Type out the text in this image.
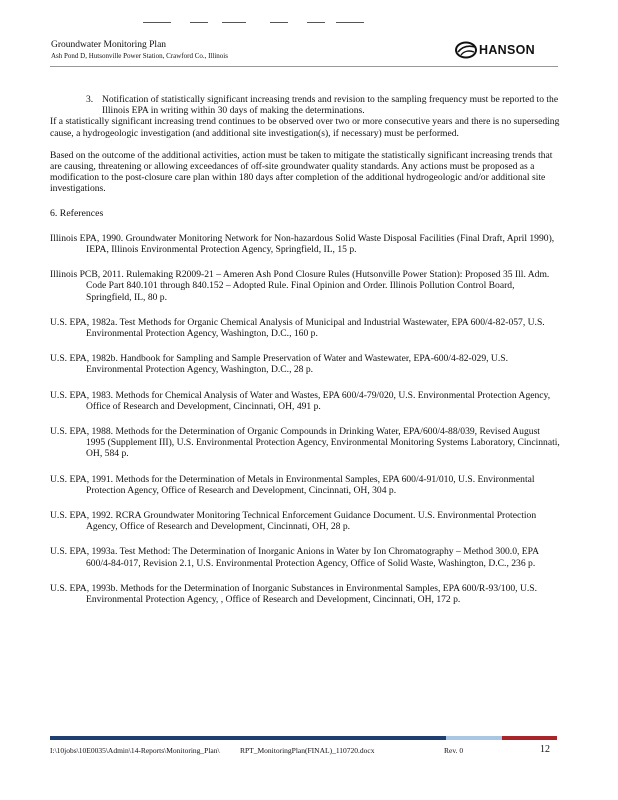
Groundwater Monitoring Plan
Ash Pond D, Hutsonville Power Station, Crawford Co., Illinois	HANSON
3. Notification of statistically significant increasing trends and revision to the sampling frequency must be reported to the Illinois EPA in writing within 30 days of making the determinations.

If a statistically significant increasing trend continues to be observed over two or more consecutive years and there is no superseding cause, a hydrogeologic investigation (and additional site investigation(s), if necessary) must be performed.

Based on the outcome of the additional activities, action must be taken to mitigate the statistically significant increasing trends that are causing, threatening or allowing exceedances of off-site groundwater quality standards. Any actions must be proposed as a modification to the post-closure care plan within 180 days after completion of the additional hydrogeologic and/or additional site investigations.

6. References

Illinois EPA, 1990. Groundwater Monitoring Network for Non-hazardous Solid Waste Disposal Facilities (Final Draft, April 1990), IEPA, Illinois Environmental Protection Agency, Springfield, IL, 15 p.

Illinois PCB, 2011. Rulemaking R2009-21 – Ameren Ash Pond Closure Rules (Hutsonville Power Station): Proposed 35 Ill. Adm. Code Part 840.101 through 840.152 – Adopted Rule. Final Opinion and Order. Illinois Pollution Control Board, Springfield, IL, 80 p.

U.S. EPA, 1982a. Test Methods for Organic Chemical Analysis of Municipal and Industrial Wastewater, EPA 600/4-82-057, U.S. Environmental Protection Agency, Washington, D.C., 160 p.

U.S. EPA, 1982b. Handbook for Sampling and Sample Preservation of Water and Wastewater, EPA-600/4-82-029, U.S. Environmental Protection Agency, Washington, D.C., 28 p.

U.S. EPA, 1983. Methods for Chemical Analysis of Water and Wastes, EPA 600/4-79/020, U.S. Environmental Protection Agency, Office of Research and Development, Cincinnati, OH, 491 p.

U.S. EPA, 1988. Methods for the Determination of Organic Compounds in Drinking Water, EPA/600/4-88/039, Revised August 1995 (Supplement III), U.S. Environmental Protection Agency, Environmental Monitoring Systems Laboratory, Cincinnati, OH, 584 p.

U.S. EPA, 1991. Methods for the Determination of Metals in Environmental Samples, EPA 600/4-91/010, U.S. Environmental Protection Agency, Office of Research and Development, Cincinnati, OH, 304 p.

U.S. EPA, 1992. RCRA Groundwater Monitoring Technical Enforcement Guidance Document. U.S. Environmental Protection Agency, Office of Research and Development, Cincinnati, OH, 28 p.

U.S. EPA, 1993a. Test Method: The Determination of Inorganic Anions in Water by Ion Chromatography – Method 300.0, EPA 600/4-84-017, Revision 2.1, U.S. Environmental Protection Agency, Office of Solid Waste, Washington, D.C., 236 p.

U.S. EPA, 1993b. Methods for the Determination of Inorganic Substances in Environmental Samples, EPA 600/R-93/100, U.S. Environmental Protection Agency, , Office of Research and Development, Cincinnati, OH, 172 p.

I:\10jobs\10E0035\Admin\14-Reports\Monitoring_Plan\	RPT_MonitoringPlan(FINAL)_110720.docx	Rev. 0	12
